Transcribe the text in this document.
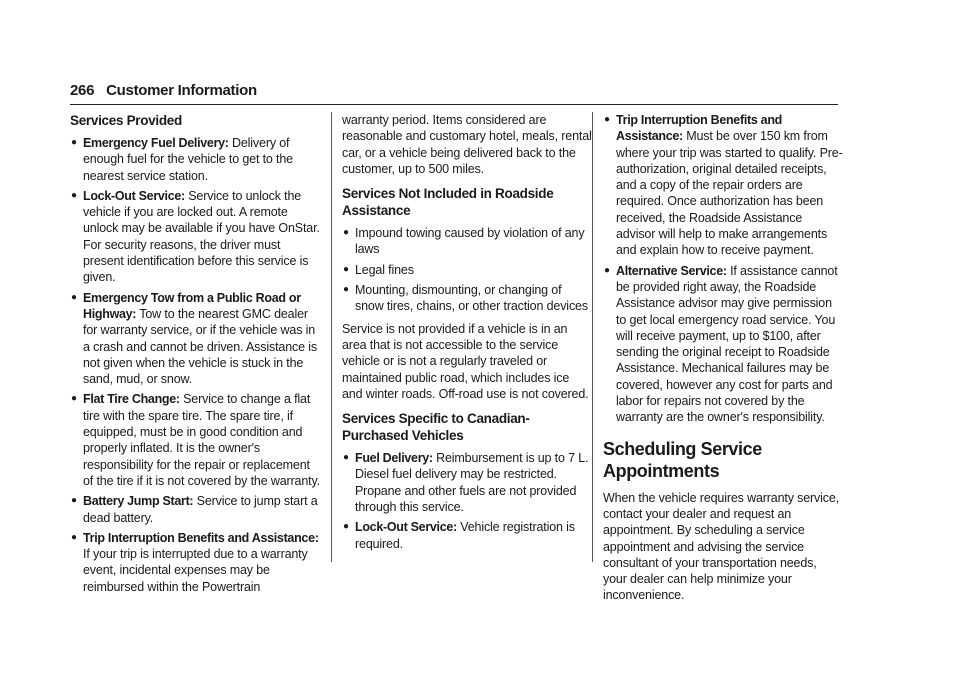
266 Customer Information
Services Provided
● Emergency Fuel Delivery: Delivery of enough fuel for the vehicle to get to the nearest service station.
● Lock-Out Service: Service to unlock the vehicle if you are locked out. A remote unlock may be available if you have OnStar. For security reasons, the driver must present identification before this service is given.
● Emergency Tow from a Public Road or Highway: Tow to the nearest GMC dealer for warranty service, or if the vehicle was in a crash and cannot be driven. Assistance is not given when the vehicle is stuck in the sand, mud, or snow.
● Flat Tire Change: Service to change a flat tire with the spare tire. The spare tire, if equipped, must be in good condition and properly inflated. It is the owner's responsibility for the repair or replacement of the tire if it is not covered by the warranty.
● Battery Jump Start: Service to jump start a dead battery.
● Trip Interruption Benefits and Assistance: If your trip is interrupted due to a warranty event, incidental expenses may be reimbursed within the Powertrain

warranty period. Items considered are reasonable and customary hotel, meals, rental car, or a vehicle being delivered back to the customer, up to 500 miles.

Services Not Included in Roadside Assistance
● Impound towing caused by violation of any laws
● Legal fines
● Mounting, dismounting, or changing of snow tires, chains, or other traction devices

Service is not provided if a vehicle is in an area that is not accessible to the service vehicle or is not a regularly traveled or maintained public road, which includes ice and winter roads. Off-road use is not covered.

Services Specific to Canadian-Purchased Vehicles
● Fuel Delivery: Reimbursement is up to 7 L. Diesel fuel delivery may be restricted. Propane and other fuels are not provided through this service.
● Lock-Out Service: Vehicle registration is required.
● Trip Interruption Benefits and Assistance: Must be over 150 km from where your trip was started to qualify. Pre-authorization, original detailed receipts, and a copy of the repair orders are required. Once authorization has been received, the Roadside Assistance advisor will help to make arrangements and explain how to receive payment.
● Alternative Service: If assistance cannot be provided right away, the Roadside Assistance advisor may give permission to get local emergency road service. You will receive payment, up to $100, after sending the original receipt to Roadside Assistance. Mechanical failures may be covered, however any cost for parts and labor for repairs not covered by the warranty are the owner's responsibility.
Scheduling Service Appointments

When the vehicle requires warranty service, contact your dealer and request an appointment. By scheduling a service appointment and advising the service consultant of your transportation needs, your dealer can help minimize your inconvenience.
